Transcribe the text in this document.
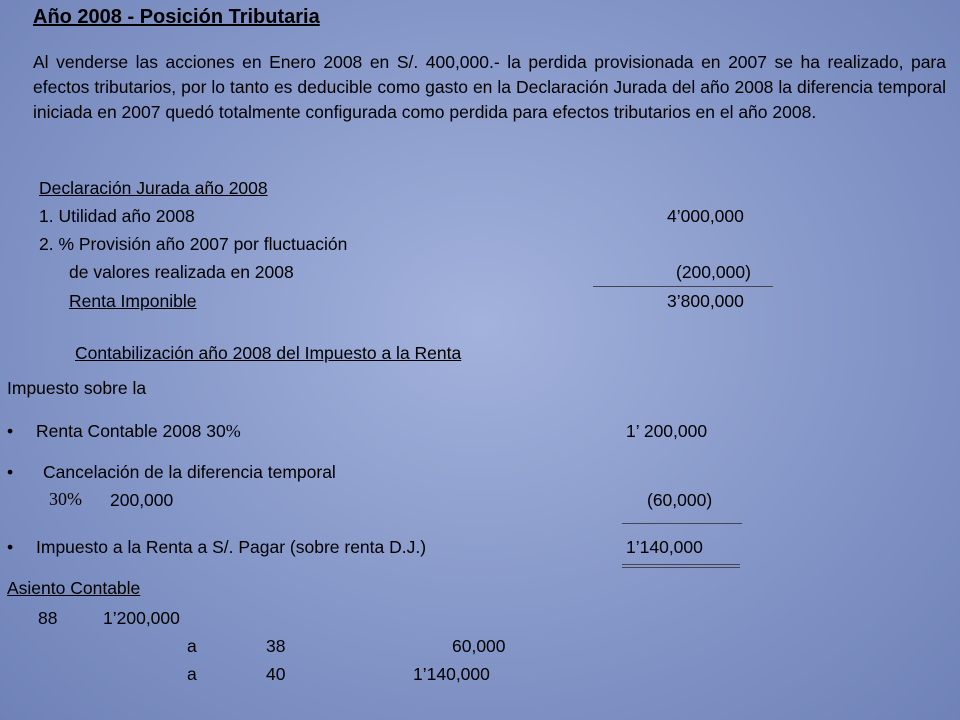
Año 2008 - Posición Tributaria
Al venderse las acciones en Enero 2008 en S/. 400,000.- la perdida provisionada en 2007 se ha realizado, para efectos tributarios, por lo tanto es deducible como gasto en la Declaración Jurada del año 2008 la diferencia temporal iniciada en 2007 quedó totalmente configurada como perdida para efectos tributarios en el año 2008.
Declaración Jurada año 2008
1. Utilidad año 2008	4’000,000
2. % Provisión año 2007 por fluctuación
de valores realizada en 2008	(200,000)
Renta Imponible	3’800,000
Contabilización año 2008 del Impuesto a la Renta
Impuesto sobre la
• Renta Contable 2008 30%	1’ 200,000
• Cancelación de la diferencia temporal
30% 200,000	(60,000)
• Impuesto a la Renta a S/. Pagar (sobre renta D.J.)	1’140,000
Asiento Contable
88	1’200,000
a	38	60,000
a	40	1’140,000
